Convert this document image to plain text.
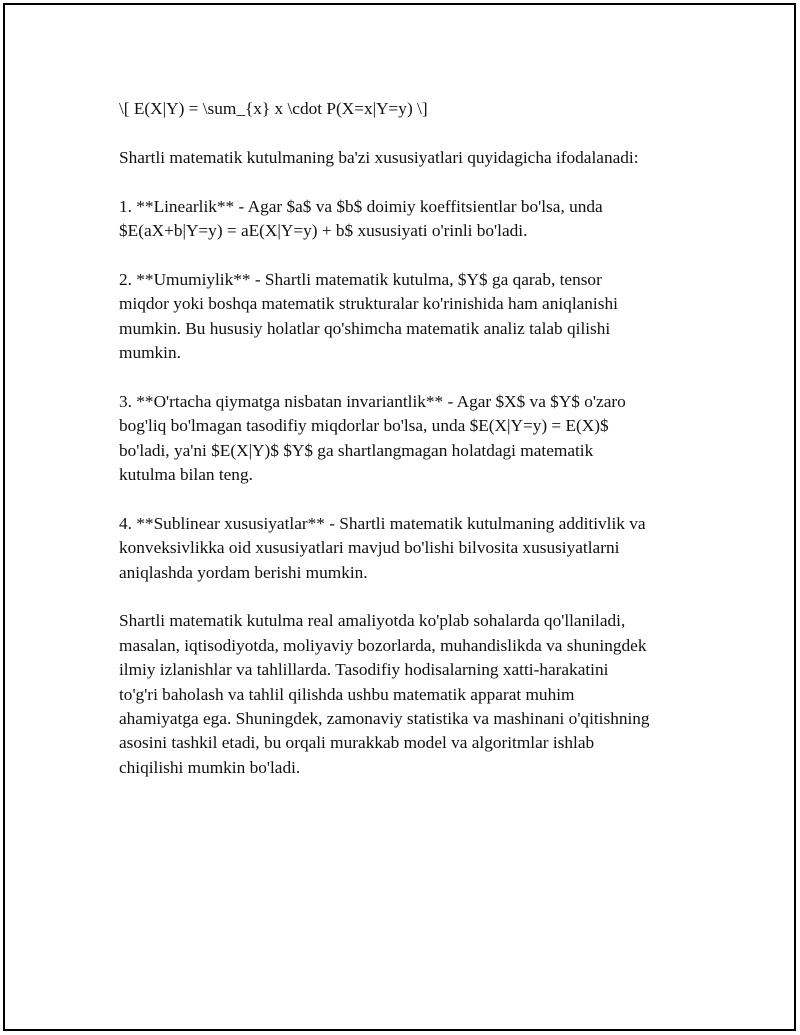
\[ E(X|Y) = \sum_{x} x \cdot P(X=x|Y=y) \]

Shartli matematik kutulmaning ba'zi xususiyatlari quyidagicha ifodalanadi:

1. **Linearlik** - Agar $a$ va $b$ doimiy koeffitsientlar bo'lsa, unda
$E(aX+b|Y=y) = aE(X|Y=y) + b$ xususiyati o'rinli bo'ladi.

2. **Umumiylik** - Shartli matematik kutulma, $Y$ ga qarab, tensor
miqdor yoki boshqa matematik strukturalar ko'rinishida ham aniqlanishi
mumkin. Bu hususiy holatlar qo'shimcha matematik analiz talab qilishi
mumkin.

3. **O'rtacha qiymatga nisbatan invariantlik** - Agar $X$ va $Y$ o'zaro
bog'liq bo'lmagan tasodifiy miqdorlar bo'lsa, unda $E(X|Y=y) = E(X)$
bo'ladi, ya'ni $E(X|Y)$ $Y$ ga shartlangmagan holatdagi matematik
kutulma bilan teng.

4. **Sublinear xususiyatlar** - Shartli matematik kutulmaning additivlik va
konveksivlikka oid xususiyatlari mavjud bo'lishi bilvosita xususiyatlarni
aniqlashda yordam berishi mumkin.

Shartli matematik kutulma real amaliyotda ko'plab sohalarda qo'llaniladi,
masalan, iqtisodiyotda, moliyaviy bozorlarda, muhandislikda va shuningdek
ilmiy izlanishlar va tahlillarda. Tasodifiy hodisalarning xatti-harakatini
to'g'ri baholash va tahlil qilishda ushbu matematik apparat muhim
ahamiyatga ega. Shuningdek, zamonaviy statistika va mashinani o'qitishning
asosini tashkil etadi, bu orqali murakkab model va algoritmlar ishlab
chiqilishi mumkin bo'ladi.
